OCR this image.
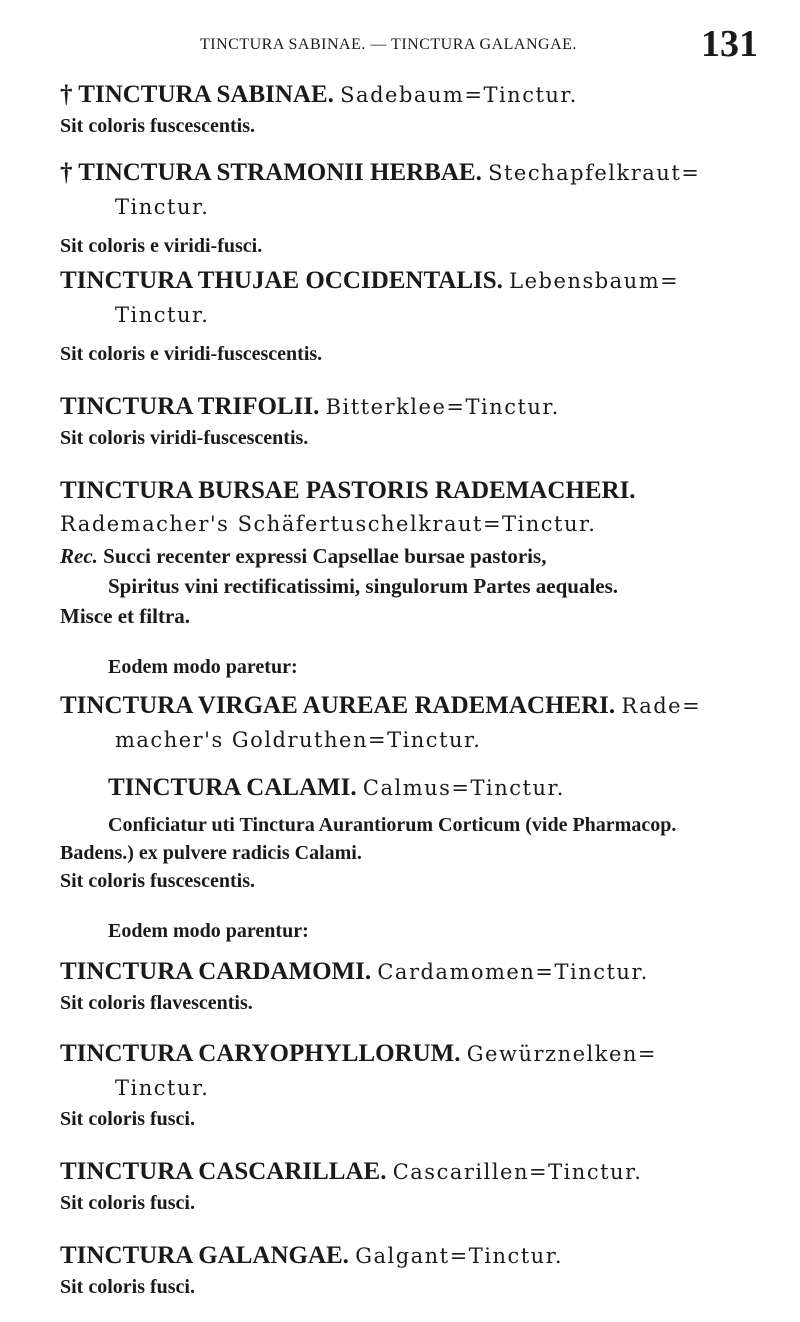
TINCTURA SABINAE. — TINCTURA GALANGAE.	131
† TINCTURA SABINAE. Sadebaum=Tinctur.

Sit coloris fuscescentis.

† TINCTURA STRAMONII HERBAE. Stechapfelkraut=
Tinctur.

Sit coloris e viridi-fusci.

TINCTURA THUJAE OCCIDENTALIS. Lebensbaum=
Tinctur.

Sit coloris e viridi-fuscescentis.

TINCTURA TRIFOLII. Bitterklee=Tinctur.

Sit coloris viridi-fuscescentis.

TINCTURA BURSAE PASTORIS RADEMACHERI.
Rademacher's Schäfertuschelkraut=Tinctur.
Rec. Succi recenter expressi Capsellae bursae pastoris,
Spiritus vini rectificatissimi, singulorum Partes aequales.
Misce et filtra.
Eodem modo paretur:
TINCTURA VIRGAE AUREAE RADEMACHERI. Rade=
macher's Goldruthen=Tinctur.
TINCTURA CALAMI. Calmus=Tinctur.
Conficiatur uti Tinctura Aurantiorum Corticum (vide Pharmacop.
Badens.) ex pulvere radicis Calami.

Sit coloris fuscescentis.

Eodem modo parentur:
TINCTURA CARDAMOMI. Cardamomen=Tinctur.

Sit coloris flavescentis.

TINCTURA CARYOPHYLLORUM. Gewürznelken=
Tinctur.

Sit coloris fusci.

TINCTURA CASCARILLAE. Cascarillen=Tinctur.

Sit coloris fusci.

TINCTURA GALANGAE. Galgant=Tinctur.

Sit coloris fusci.
